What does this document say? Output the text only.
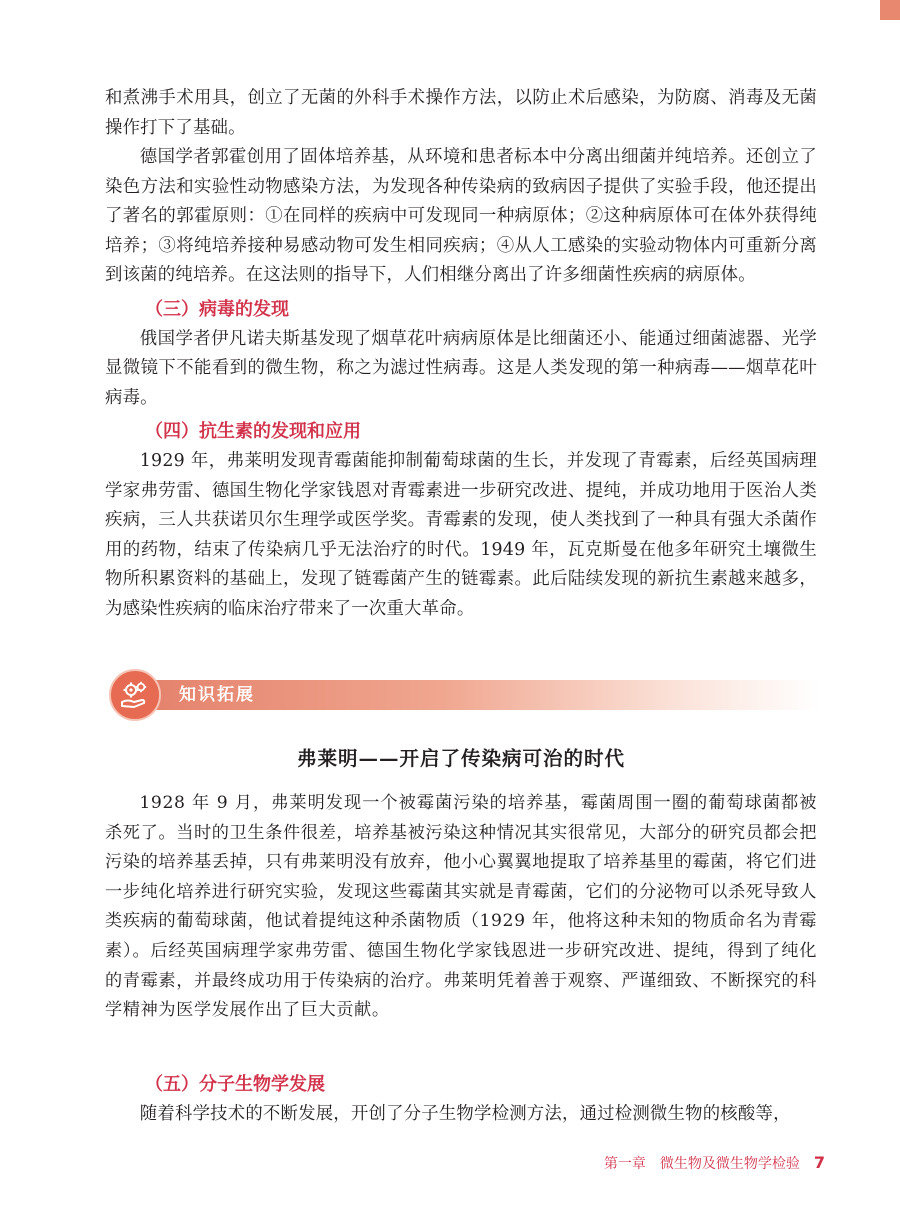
和煮沸手术用具，创立了无菌的外科手术操作方法，以防止术后感染，为防腐、消毒及无菌操作打下了基础。

德国学者郭霍创用了固体培养基，从环境和患者标本中分离出细菌并纯培养。还创立了染色方法和实验性动物感染方法，为发现各种传染病的致病因子提供了实验手段，他还提出了著名的郭霍原则：①在同样的疾病中可发现同一种病原体；②这种病原体可在体外获得纯培养；③将纯培养接种易感动物可发生相同疾病；④从人工感染的实验动物体内可重新分离到该菌的纯培养。在这法则的指导下，人们相继分离出了许多细菌性疾病的病原体。

（三）病毒的发现

俄国学者伊凡诺夫斯基发现了烟草花叶病病原体是比细菌还小、能通过细菌滤器、光学显微镜下不能看到的微生物，称之为滤过性病毒。这是人类发现的第一种病毒——烟草花叶病毒。

（四）抗生素的发现和应用

1929 年，弗莱明发现青霉菌能抑制葡萄球菌的生长，并发现了青霉素，后经英国病理学家弗劳雷、德国生物化学家钱恩对青霉素进一步研究改进、提纯，并成功地用于医治人类疾病，三人共获诺贝尔生理学或医学奖。青霉素的发现，使人类找到了一种具有强大杀菌作用的药物，结束了传染病几乎无法治疗的时代。1949 年，瓦克斯曼在他多年研究土壤微生物所积累资料的基础上，发现了链霉菌产生的链霉素。此后陆续发现的新抗生素越来越多，为感染性疾病的临床治疗带来了一次重大革命。

知识拓展
弗莱明——开启了传染病可治的时代

1928 年 9 月，弗莱明发现一个被霉菌污染的培养基，霉菌周围一圈的葡萄球菌都被杀死了。当时的卫生条件很差，培养基被污染这种情况其实很常见，大部分的研究员都会把污染的培养基丢掉，只有弗莱明没有放弃，他小心翼翼地提取了培养基里的霉菌，将它们进一步纯化培养进行研究实验，发现这些霉菌其实就是青霉菌，它们的分泌物可以杀死导致人类疾病的葡萄球菌，他试着提纯这种杀菌物质（1929 年，他将这种未知的物质命名为青霉素）。后经英国病理学家弗劳雷、德国生物化学家钱恩进一步研究改进、提纯，得到了纯化的青霉素，并最终成功用于传染病的治疗。弗莱明凭着善于观察、严谨细致、不断探究的科学精神为医学发展作出了巨大贡献。

（五）分子生物学发展

随着科学技术的不断发展，开创了分子生物学检测方法，通过检测微生物的核酸等，

第一章　微生物及微生物学检验 7
